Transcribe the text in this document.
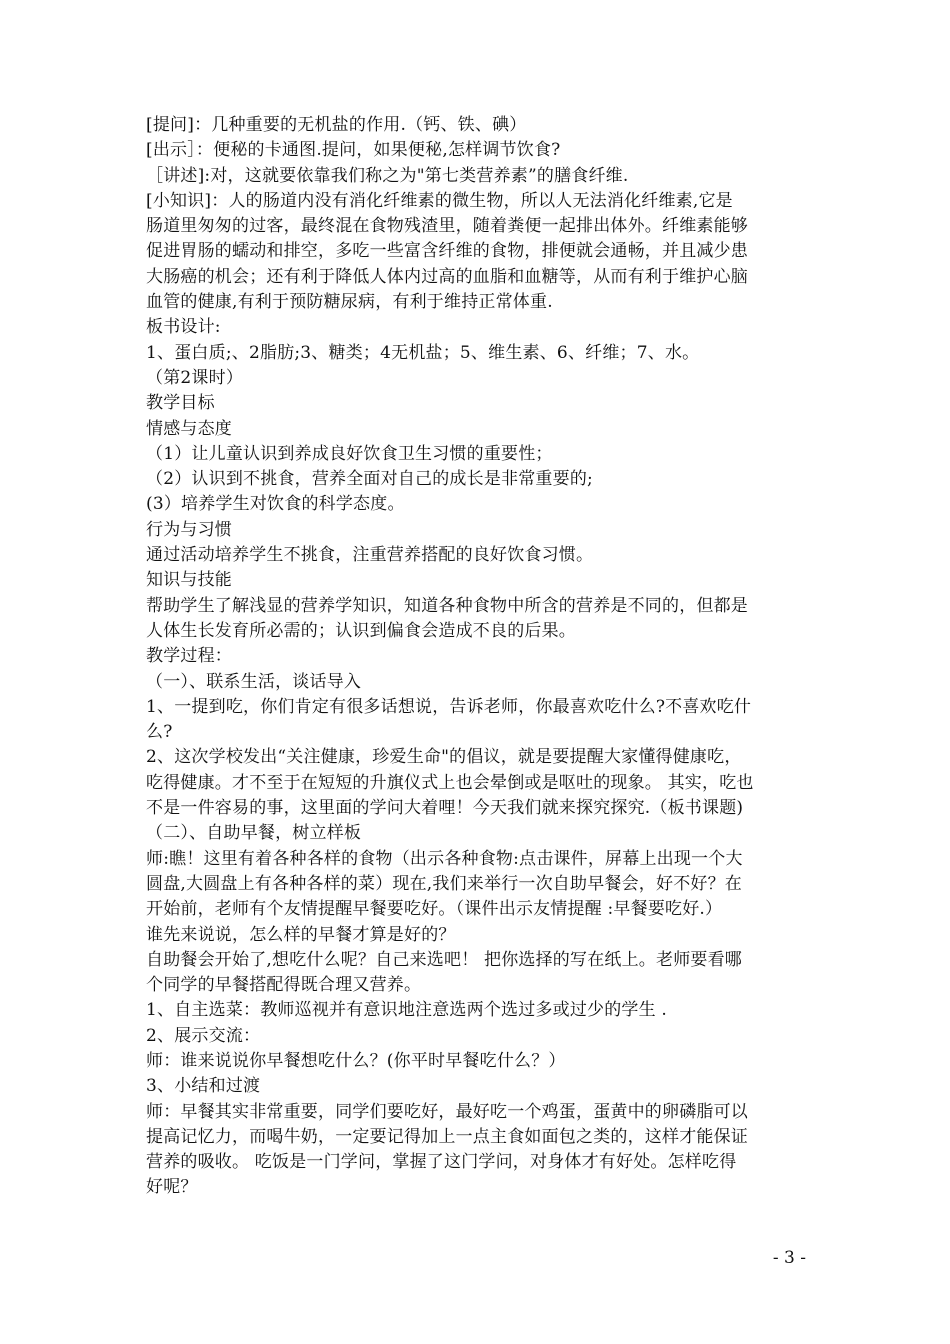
[提问]：几种重要的无机盐的作用.（钙、铁、碘）
[出示］：便秘的卡通图.提问，如果便秘,怎样调节饮食?
［讲述]:对，这就要依靠我们称之为"第七类营养素”的膳食纤维.
[小知识]：人的肠道内没有消化纤维素的微生物，所以人无法消化纤维素,它是
肠道里匆匆的过客，最终混在食物残渣里，随着粪便一起排出体外。纤维素能够
促进胃肠的蠕动和排空，多吃一些富含纤维的食物，排便就会通畅，并且减少患
大肠癌的机会；还有利于降低人体内过高的血脂和血糖等，从而有利于维护心脑
血管的健康,有利于预防糖尿病，有利于维持正常体重.
板书设计:
1、蛋白质;、2脂肪;3、糖类；4无机盐；5、维生素、6、纤维；7、水。
（第2课时）
教学目标
情感与态度
（1）让儿童认识到养成良好饮食卫生习惯的重要性；
（2）认识到不挑食，营养全面对自己的成长是非常重要的;
(3）培养学生对饮食的科学态度。
行为与习惯
通过活动培养学生不挑食，注重营养搭配的良好饮食习惯。
知识与技能
帮助学生了解浅显的营养学知识，知道各种食物中所含的营养是不同的，但都是
人体生长发育所必需的；认识到偏食会造成不良的后果。
教学过程：
（一）、联系生活，谈话导入
1、一提到吃，你们肯定有很多话想说，告诉老师，你最喜欢吃什么?不喜欢吃什
么?
2、这次学校发出“关注健康，珍爱生命"的倡议，就是要提醒大家懂得健康吃，
吃得健康。才不至于在短短的升旗仪式上也会晕倒或是呕吐的现象。 其实，吃也
不是一件容易的事，这里面的学问大着哩！今天我们就来探究探究.（板书课题)
（二）、自助早餐，树立样板
师:瞧！这里有着各种各样的食物（出示各种食物:点击课件，屏幕上出现一个大
圆盘,大圆盘上有各种各样的菜）现在,我们来举行一次自助早餐会，好不好？在
开始前，老师有个友情提醒早餐要吃好。（课件出示友情提醒 :早餐要吃好.）
谁先来说说，怎么样的早餐才算是好的？
自助餐会开始了,想吃什么呢？自己来选吧！ 把你选择的写在纸上。老师要看哪
个同学的早餐搭配得既合理又营养。
1、自主选菜：教师巡视并有意识地注意选两个选过多或过少的学生 .
2、展示交流：
师：谁来说说你早餐想吃什么？(你平时早餐吃什么？）
3、小结和过渡
师：早餐其实非常重要，同学们要吃好，最好吃一个鸡蛋，蛋黄中的卵磷脂可以
提高记忆力，而喝牛奶，一定要记得加上一点主食如面包之类的，这样才能保证
营养的吸收。 吃饭是一门学问，掌握了这门学问，对身体才有好处。怎样吃得
好呢？
- 3 -
